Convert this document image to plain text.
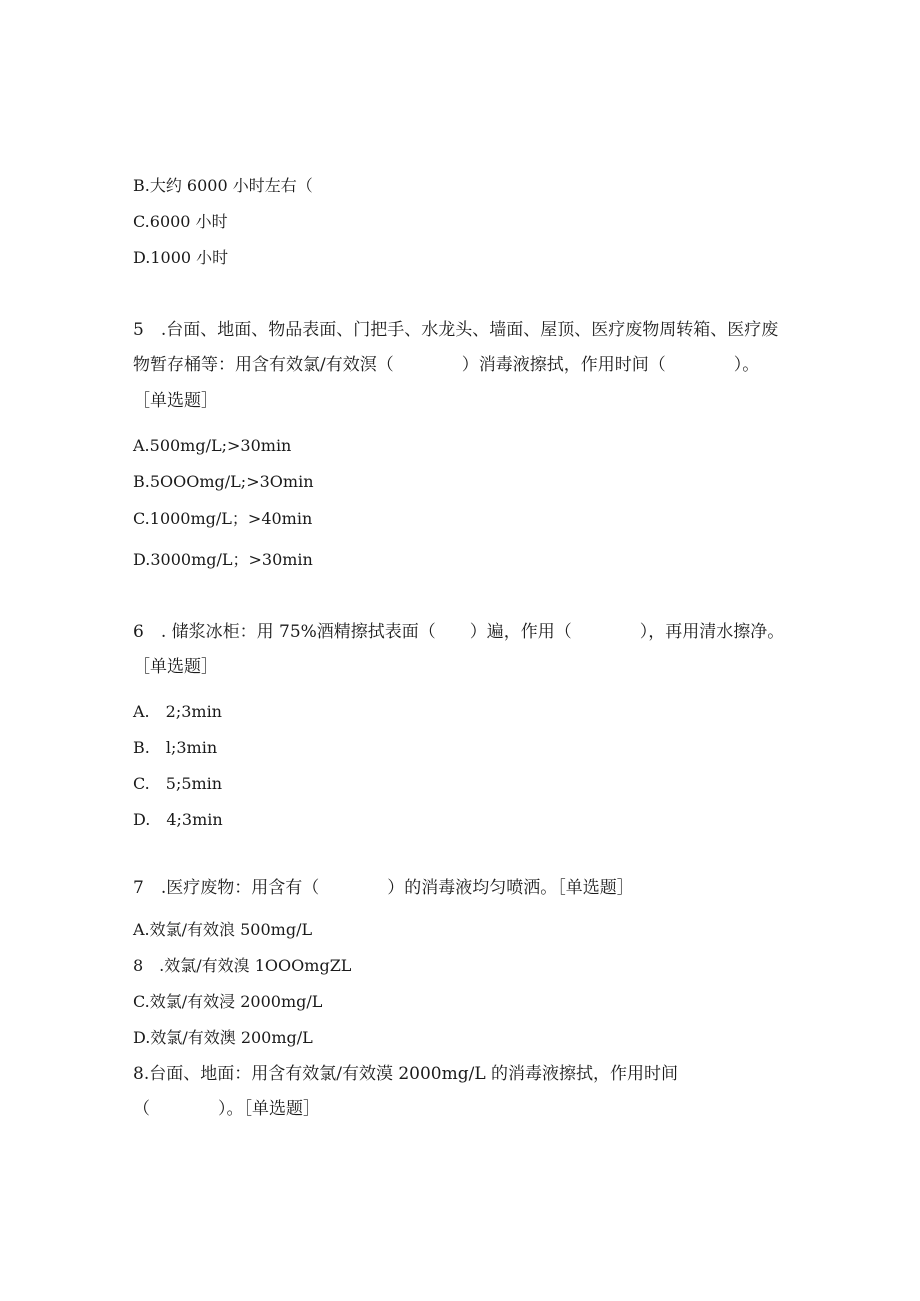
B.大约 6000 小时左右（

C.6000 小时

D.1000 小时

5　.台面、地面、物品表面、门把手、水龙头、墙面、屋顶、医疗废物周转箱、医疗废

物暂存桶等：用含有效氯/有效溟（　　　　）消毒液擦拭，作用时间（　　　　）。

［单选题］

A.500mg∕L;>30min

B.5OOOmg/L;>3Omin

C.1000mg∕L；>40min

D.3000mg∕L；>30min

6　. 储浆冰柜：用 75%酒精擦拭表面（　　）遍，作用（　　　　），再用清水擦净。

［单选题］

A.　2;3min

B.　l;3min

C.　5;5min

D.　4;3min

7　.医疗废物：用含有（　　　　）的消毒液均匀喷洒。［单选题］

A.效氯/有效浪 500mg∕L

8　.效氯/有效溴 1OOOmgZL

C.效氯/有效浸 2000mg∕L

D.效氯/有效澳 200mg∕L

8.台面、地面：用含有效氯/有效漠 2000mg∕L 的消毒液擦拭，作用时间

（　　　　）。［单选题］
